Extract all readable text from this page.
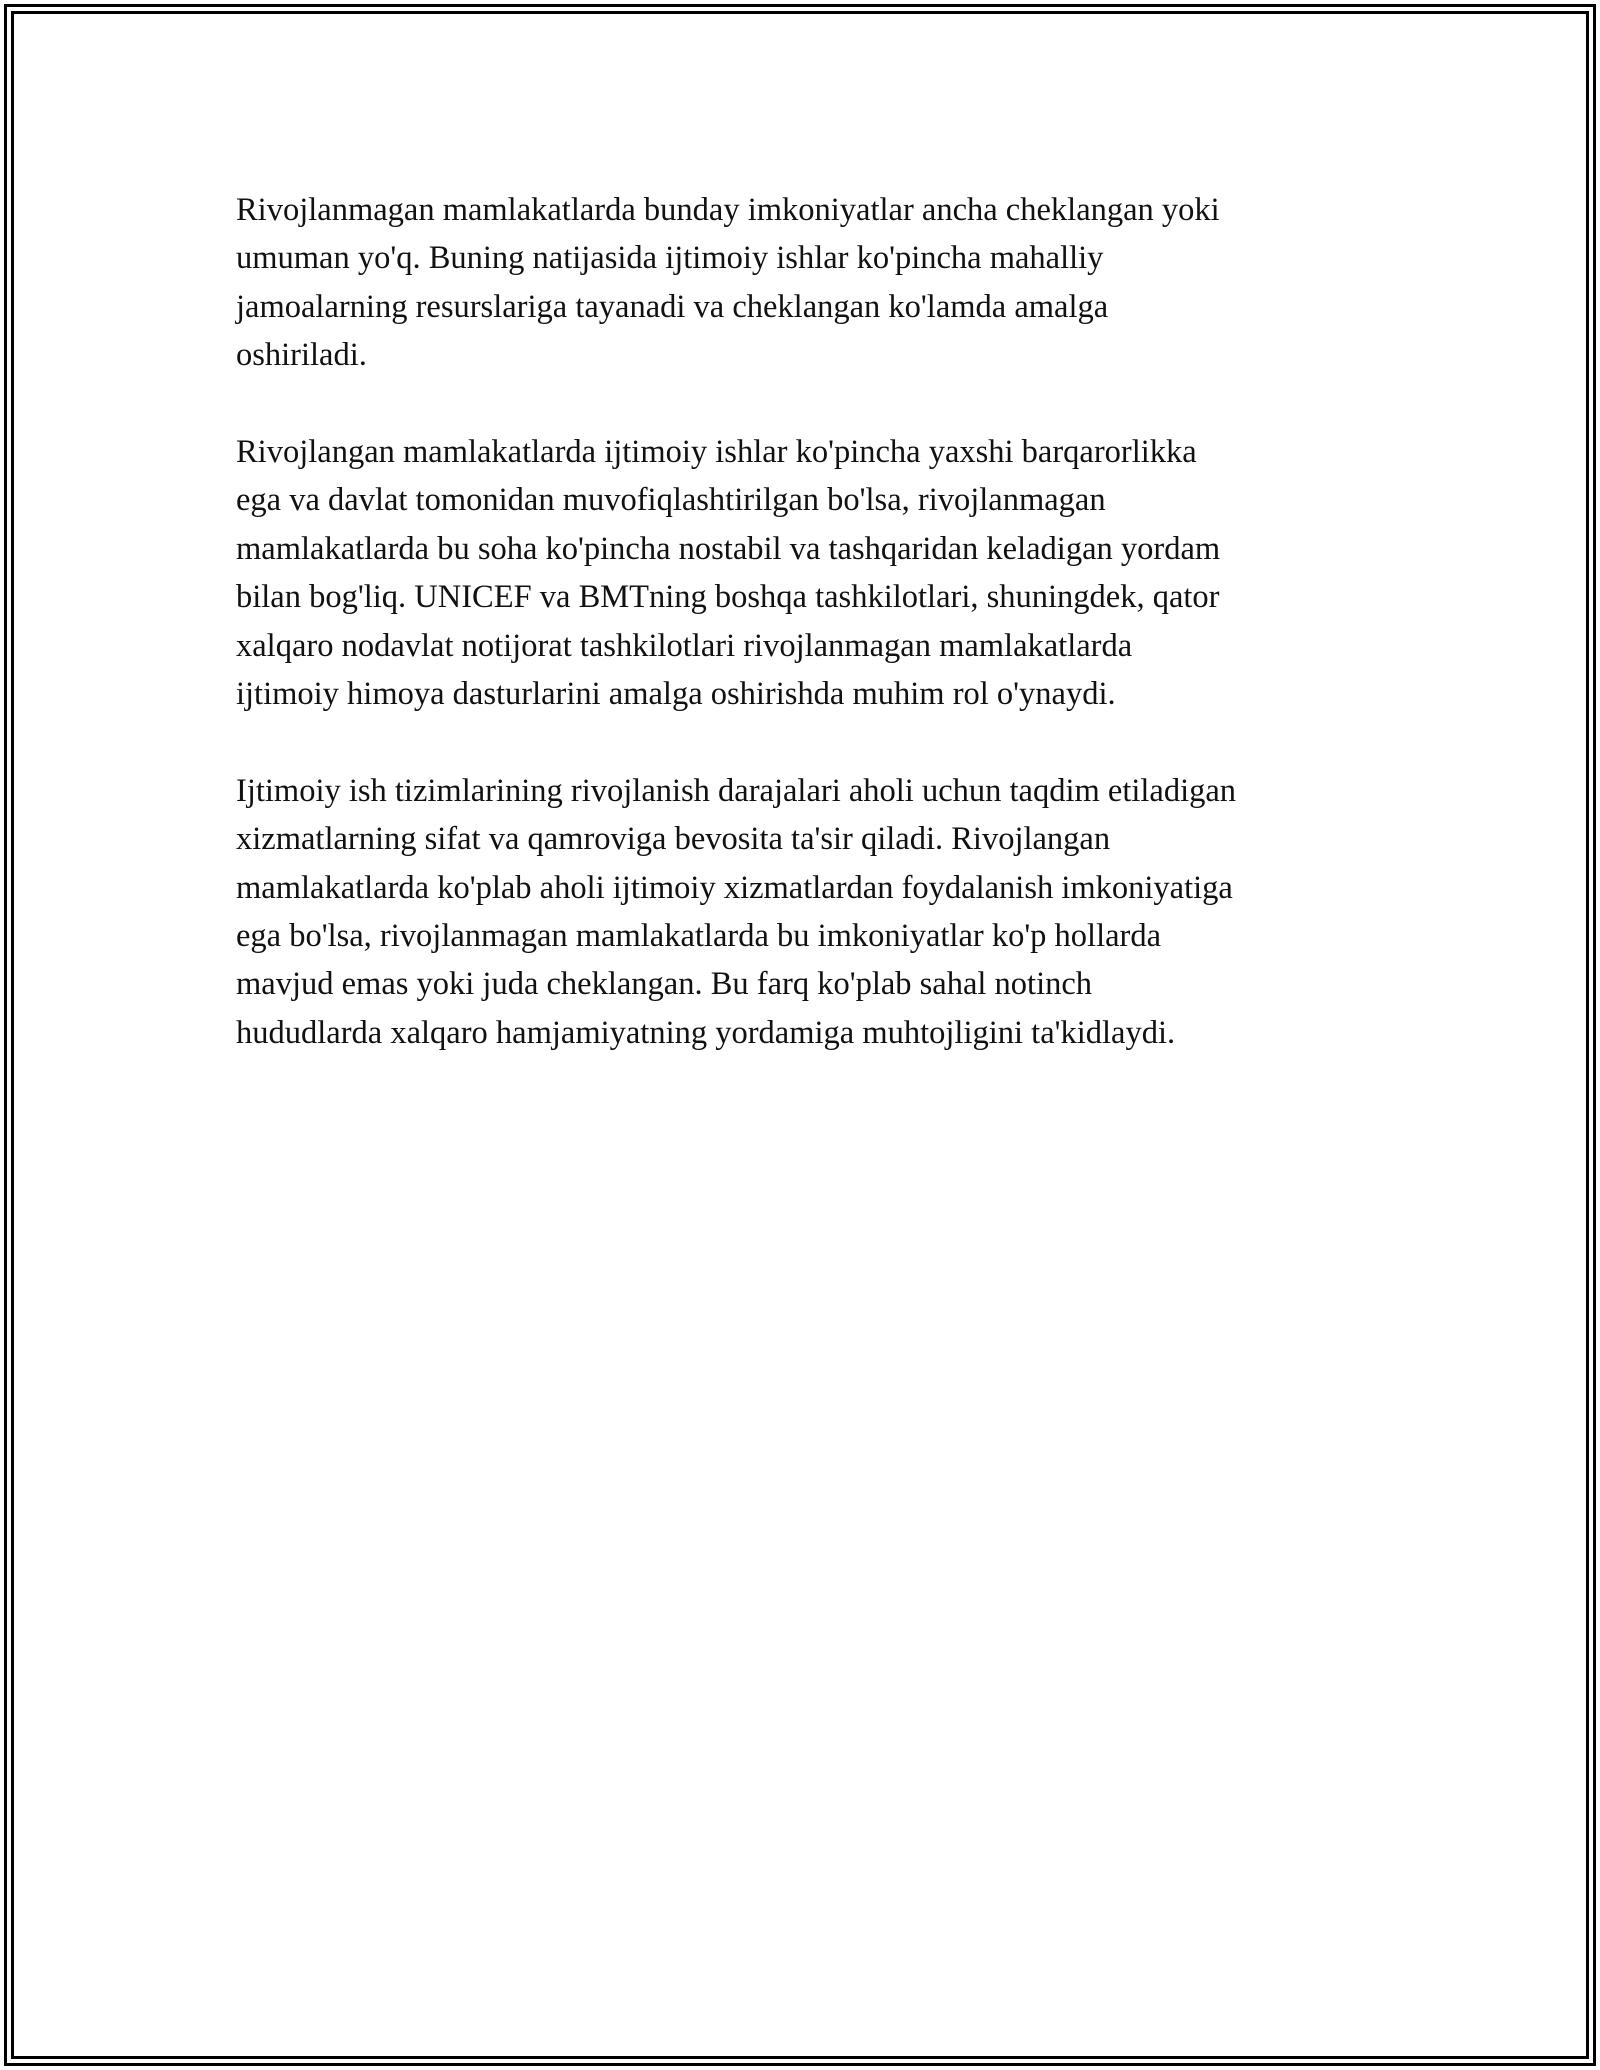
Rivojlanmagan mamlakatlarda bunday imkoniyatlar ancha cheklangan yoki
umuman yo'q. Buning natijasida ijtimoiy ishlar ko'pincha mahalliy
jamoalarning resurslariga tayanadi va cheklangan ko'lamda amalga
oshiriladi.

Rivojlangan mamlakatlarda ijtimoiy ishlar ko'pincha yaxshi barqarorlikka
ega va davlat tomonidan muvofiqlashtirilgan bo'lsa, rivojlanmagan
mamlakatlarda bu soha ko'pincha nostabil va tashqaridan keladigan yordam
bilan bog'liq. UNICEF va BMTning boshqa tashkilotlari, shuningdek, qator
xalqaro nodavlat notijorat tashkilotlari rivojlanmagan mamlakatlarda
ijtimoiy himoya dasturlarini amalga oshirishda muhim rol o'ynaydi.

Ijtimoiy ish tizimlarining rivojlanish darajalari aholi uchun taqdim etiladigan
xizmatlarning sifat va qamroviga bevosita ta'sir qiladi. Rivojlangan
mamlakatlarda ko'plab aholi ijtimoiy xizmatlardan foydalanish imkoniyatiga
ega bo'lsa, rivojlanmagan mamlakatlarda bu imkoniyatlar ko'p hollarda
mavjud emas yoki juda cheklangan. Bu farq ko'plab sahal notinch
hududlarda xalqaro hamjamiyatning yordamiga muhtojligini ta'kidlaydi.
